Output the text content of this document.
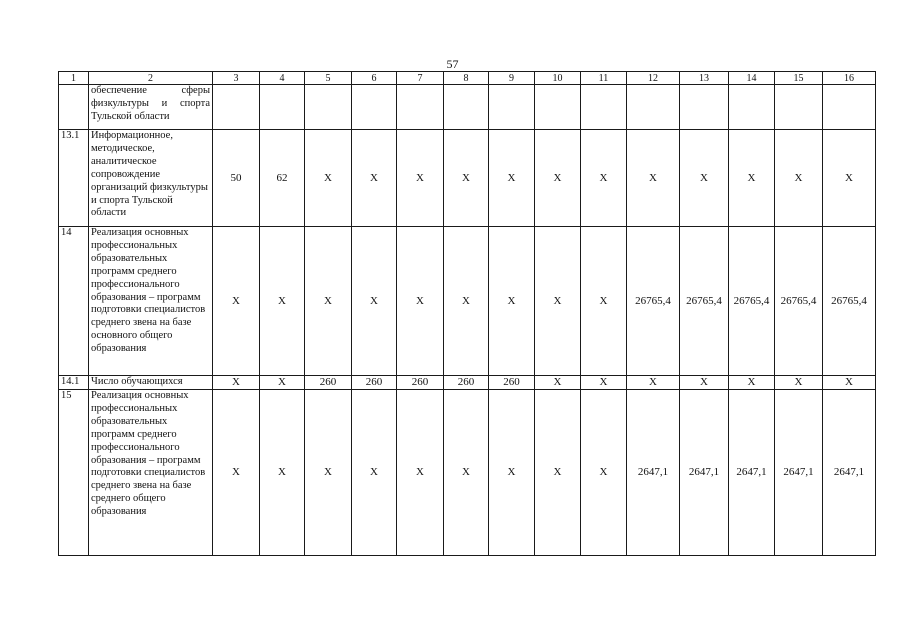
57
1	2	3	4	5	6	7	8	9	10	11	12	13	14	15	16
	обеспечение сферы физкультуры и спорта Тульской области														
13.1	Информационное, методическое, аналитическое сопровождение организаций физкультуры и спорта Тульской области	50	62	Х	Х	Х	Х	Х	Х	Х	Х	Х	Х	Х	Х
14	Реализация основных профессиональных образовательных программ среднего профессионального образования – программ подготовки специалистов среднего звена на базе основного общего образования	Х	Х	Х	Х	Х	Х	Х	Х	Х	26765,4	26765,4	26765,4	26765,4	26765,4
14.1	Число обучающихся	Х	Х	260	260	260	260	260	Х	Х	Х	Х	Х	Х	Х
15	Реализация основных профессиональных образовательных программ среднего профессионального образования – программ подготовки специалистов среднего звена на базе среднего общего образования	Х	Х	Х	Х	Х	Х	Х	Х	Х	2647,1	2647,1	2647,1	2647,1	2647,1
